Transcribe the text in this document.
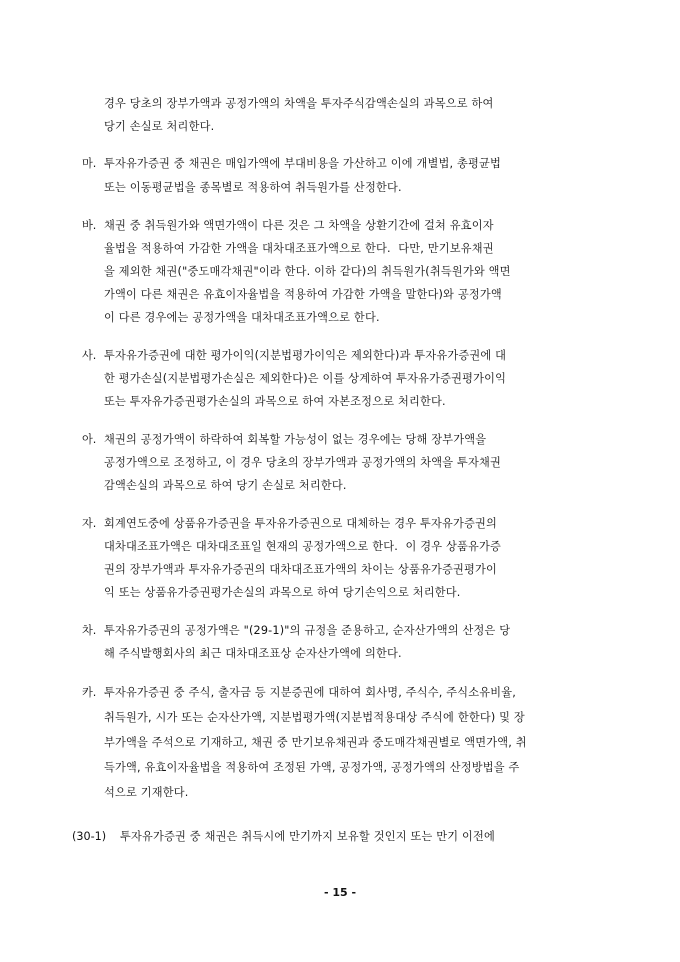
경우 당초의 장부가액과 공정가액의 차액을 투자주식감액손실의 과목으로 하여
당기 손실로 처리한다.
마. 투자유가증권 중 채권은 매입가액에 부대비용을 가산하고 이에 개별법, 총평균법
또는 이동평균법을 종목별로 적용하여 취득원가를 산정한다.
바. 채권 중 취득원가와 액면가액이 다른 것은 그 차액을 상환기간에 걸쳐 유효이자
율법을 적용하여 가감한 가액을 대차대조표가액으로 한다.  다만, 만기보유채권
을 제외한 채권("중도매각채권"이라 한다. 이하 같다)의 취득원가(취득원가와 액면
가액이 다른 채권은 유효이자율법을 적용하여 가감한 가액을 말한다)와 공정가액
이 다른 경우에는 공정가액을 대차대조표가액으로 한다.
사. 투자유가증권에 대한 평가이익(지분법평가이익은 제외한다)과 투자유가증권에 대
한 평가손실(지분법평가손실은 제외한다)은 이를 상계하여 투자유가증권평가이익
또는 투자유가증권평가손실의 과목으로 하여 자본조정으로 처리한다.
아. 채권의 공정가액이 하락하여 회복할 가능성이 없는 경우에는 당해 장부가액을
공정가액으로 조정하고, 이 경우 당초의 장부가액과 공정가액의 차액을 투자채권
감액손실의 과목으로 하여 당기 손실로 처리한다.
자. 회계연도중에 상품유가증권을 투자유가증권으로 대체하는 경우 투자유가증권의
대차대조표가액은 대차대조표일 현재의 공정가액으로 한다.  이 경우 상품유가증
권의 장부가액과 투자유가증권의 대차대조표가액의 차이는 상품유가증권평가이
익 또는 상품유가증권평가손실의 과목으로 하여 당기손익으로 처리한다.
차. 투자유가증권의 공정가액은 "(29-1)"의 규정을 준용하고, 순자산가액의 산정은 당
해 주식발행회사의 최근 대차대조표상 순자산가액에 의한다.
카. 투자유가증권 중 주식, 출자금 등 지분증권에 대하여 회사명, 주식수, 주식소유비율,
취득원가, 시가 또는 순자산가액, 지분법평가액(지분법적용대상 주식에 한한다) 및 장
부가액을 주석으로 기재하고, 채권 중 만기보유채권과 중도매각채권별로 액면가액, 취
득가액, 유효이자율법을 적용하여 조정된 가액, 공정가액, 공정가액의 산정방법을 주
석으로 기재한다.
(30-1) 투자유가증권 중 채권은 취득시에 만기까지 보유할 것인지 또는 만기 이전에
- 15 -
